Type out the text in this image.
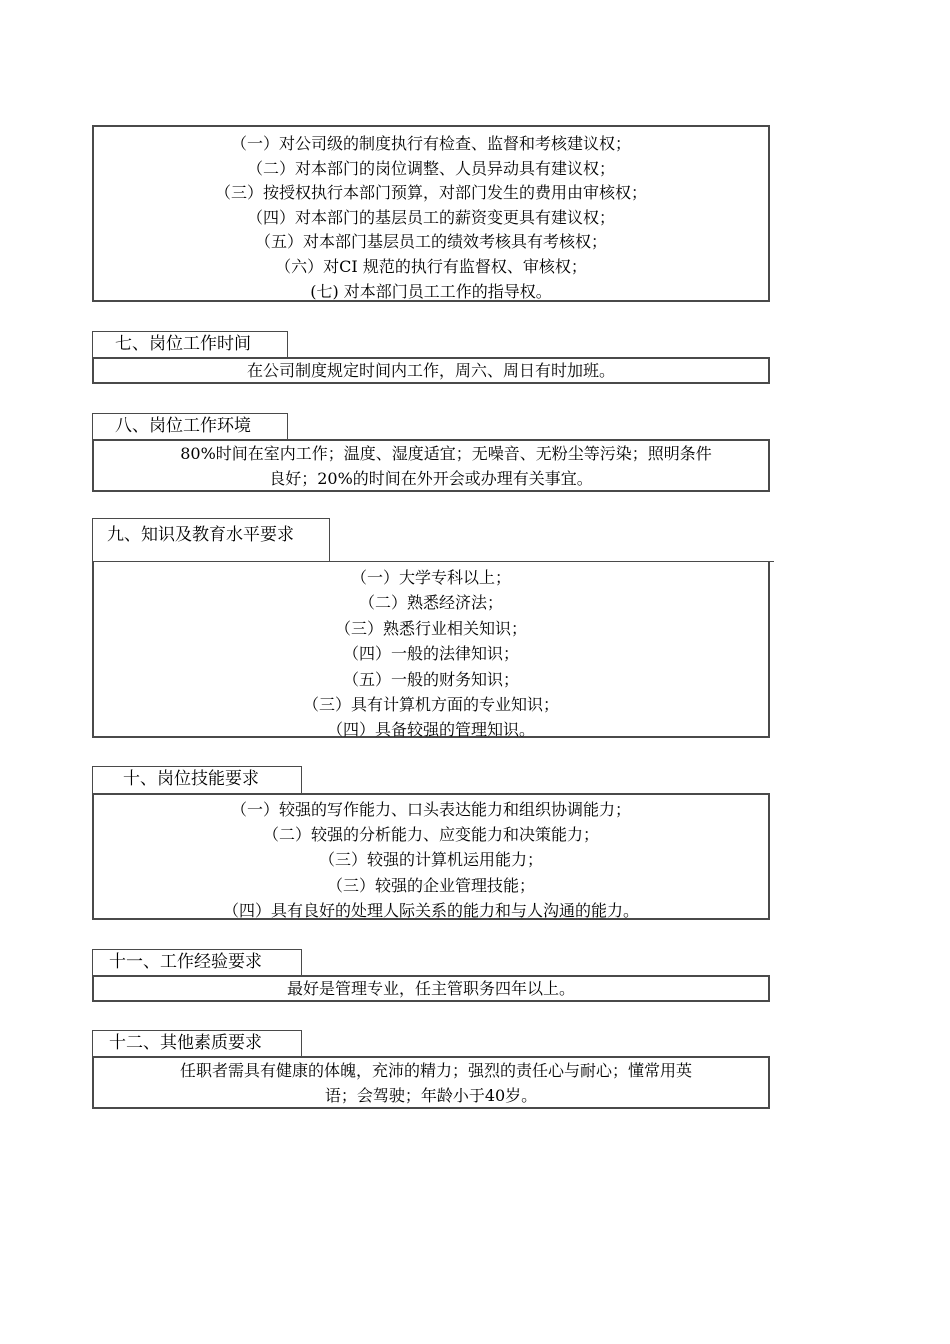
（一）对公司级的制度执行有检查、监督和考核建议权；
（二）对本部门的岗位调整、人员异动具有建议权；
（三）按授权执行本部门预算，对部门发生的费用由审核权；
（四）对本部门的基层员工的薪资变更具有建议权；
（五）对本部门基层员工的绩效考核具有考核权；
（六）对CI 规范的执行有监督权、审核权；
(七) 对本部门员工工作的指导权。
七、岗位工作时间
在公司制度规定时间内工作，周六、周日有时加班。
八、岗位工作环境
80%时间在室内工作；温度、湿度适宜；无噪音、无粉尘等污染；照明条件
良好；20%的时间在外开会或办理有关事宜。
九、知识及教育水平要求
（一）大学专科以上；
（二）熟悉经济法；
（三）熟悉行业相关知识；
（四）一般的法律知识；
（五）一般的财务知识；
（三）具有计算机方面的专业知识；
（四）具备较强的管理知识。
十、岗位技能要求
（一）较强的写作能力、口头表达能力和组织协调能力；
（二）较强的分析能力、应变能力和决策能力；
（三）较强的计算机运用能力；
（三）较强的企业管理技能；
（四）具有良好的处理人际关系的能力和与人沟通的能力。
十一、工作经验要求
最好是管理专业，任主管职务四年以上。
十二、其他素质要求
任职者需具有健康的体魄，充沛的精力；强烈的责任心与耐心；懂常用英
语；会驾驶；年龄小于40岁。
